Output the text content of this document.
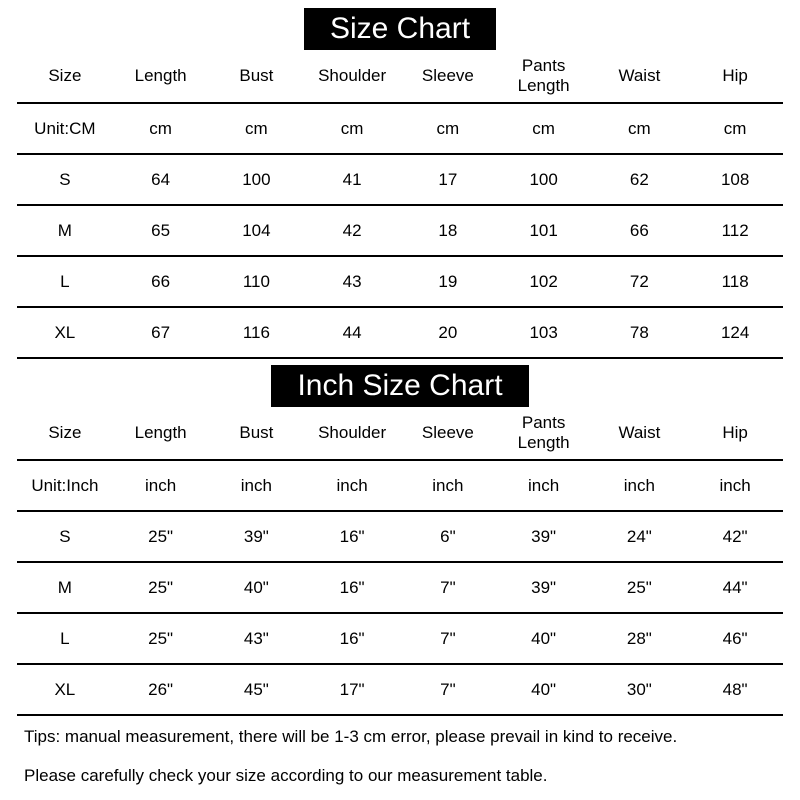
Size Chart
Size	Length	Bust	Shoulder	Sleeve	Pants Length	Waist	Hip
Unit:CM	cm	cm	cm	cm	cm	cm	cm
S	64	100	41	17	100	62	108
M	65	104	42	18	101	66	112
L	66	110	43	19	102	72	118
XL	67	116	44	20	103	78	124
Inch Size Chart
Size	Length	Bust	Shoulder	Sleeve	Pants Length	Waist	Hip
Unit:Inch	inch	inch	inch	inch	inch	inch	inch
S	25"	39"	16"	6"	39"	24"	42"
M	25"	40"	16"	7"	39"	25"	44"
L	25"	43"	16"	7"	40"	28"	46"
XL	26"	45"	17"	7"	40"	30"	48"

Tips: manual measurement, there will be 1-3 cm error, please prevail in kind to receive.

Please carefully check your size according to our measurement table.
